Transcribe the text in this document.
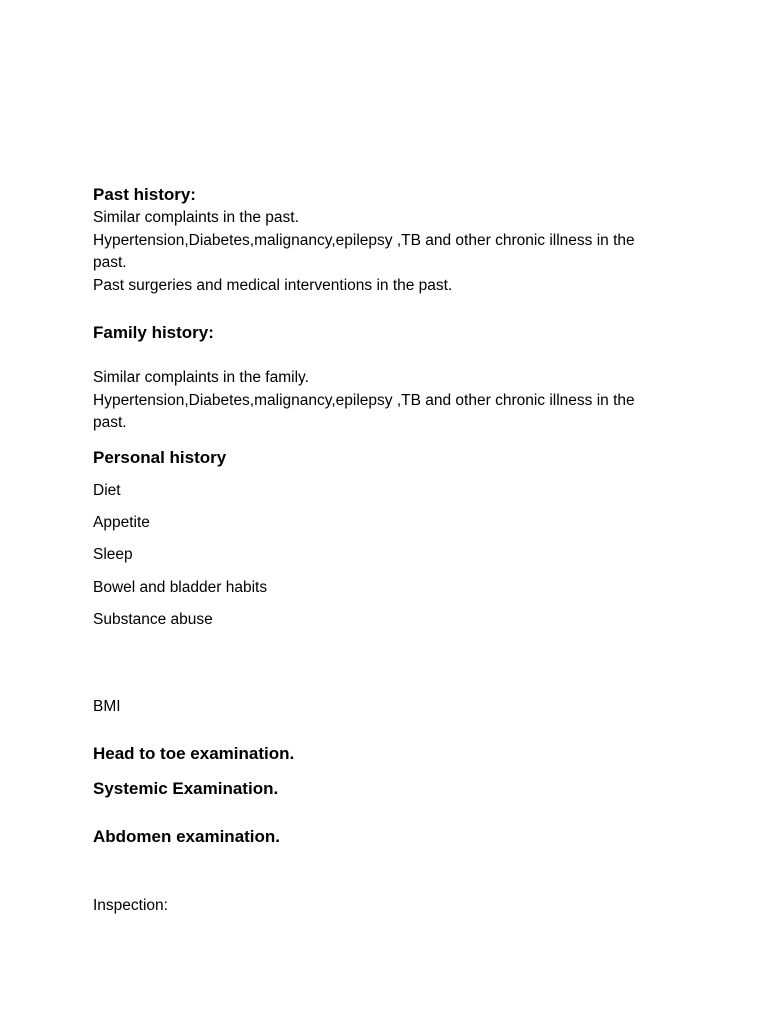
Past history:

Similar complaints in the past.

Hypertension,Diabetes,malignancy,epilepsy ,TB and other chronic illness in the

past.

Past surgeries and medical interventions in the past.

Family history:

Similar complaints in the family.

Hypertension,Diabetes,malignancy,epilepsy ,TB and other chronic illness in the

past.

Personal history

Diet

Appetite

Sleep

Bowel and bladder habits

Substance abuse

BMI

Head to toe examination.
Systemic Examination.
Abdomen examination.

Inspection:
